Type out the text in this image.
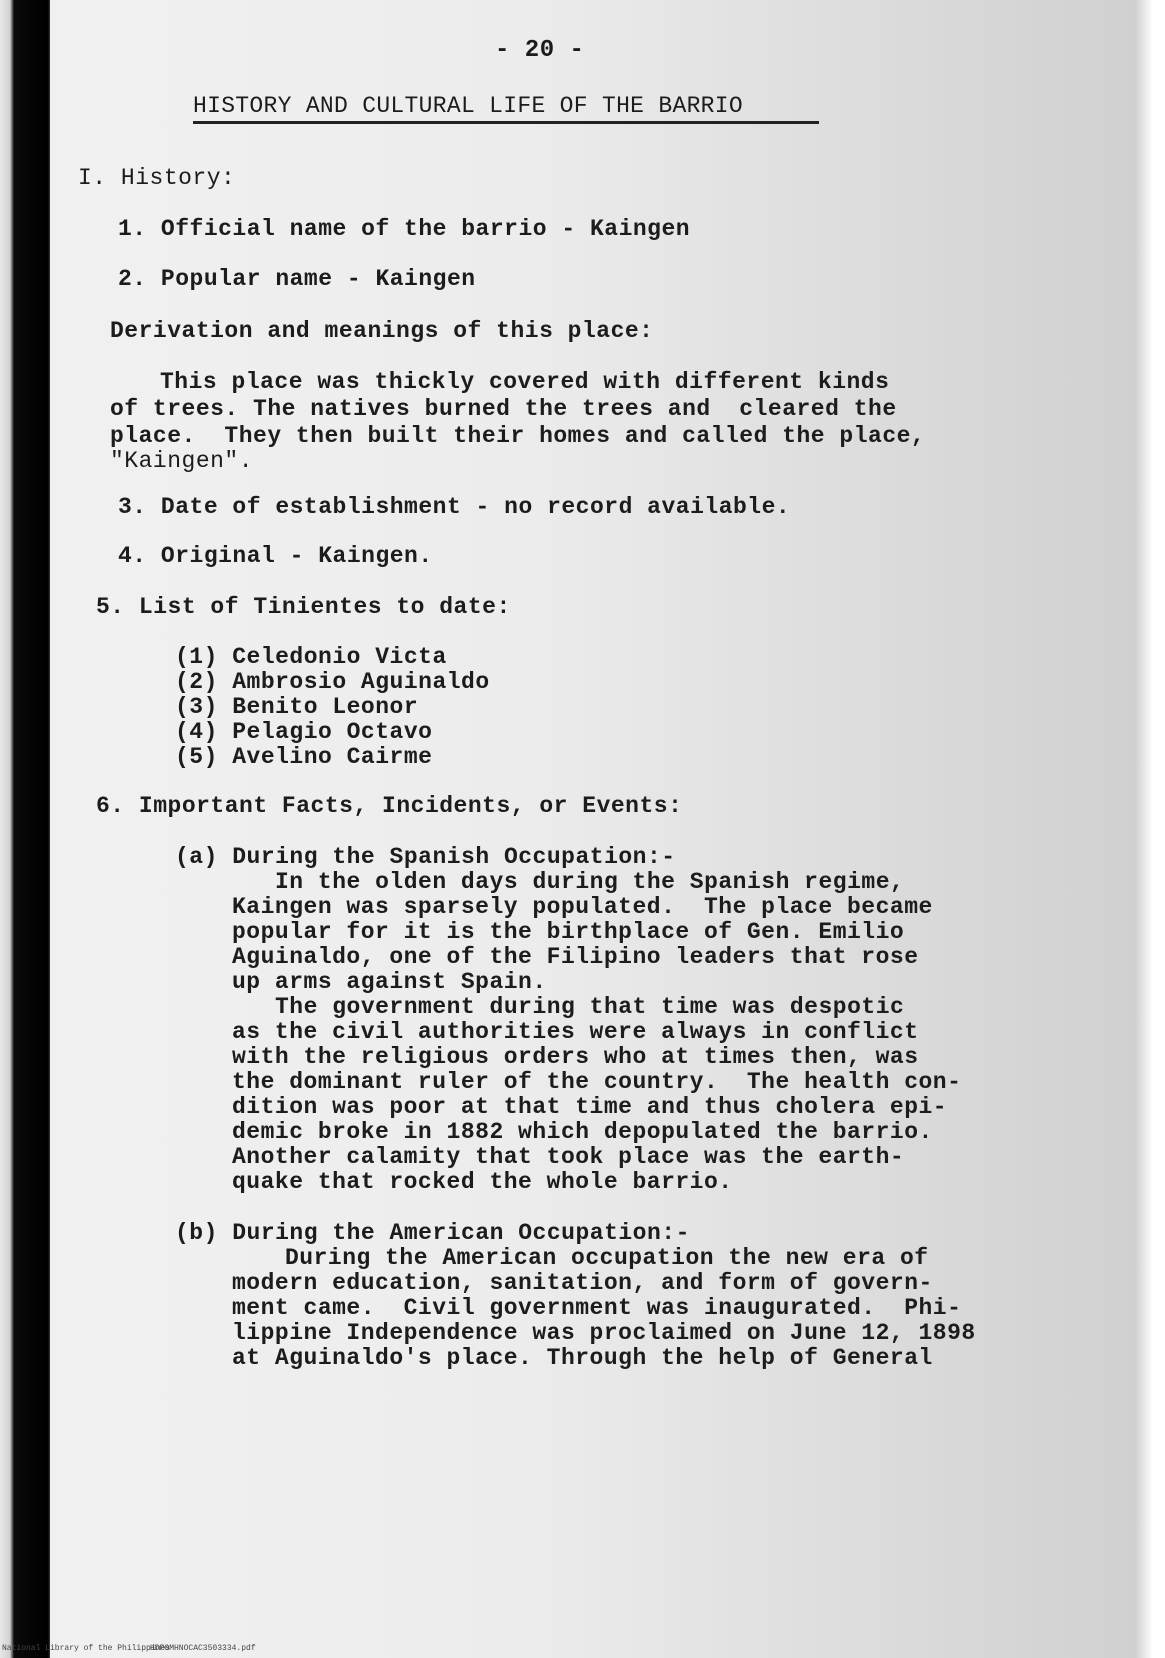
- 20 -
HISTORY AND CULTURAL LIFE OF THE BARRIO
I. History:
1. Official name of the barrio - Kaingen
2. Popular name - Kaingen
Derivation and meanings of this place:
This place was thickly covered with different kinds
of trees. The natives burned the trees and  cleared the
place.  They then built their homes and called the place,
"Kaingen".
3. Date of establishment - no record available.
4. Original - Kaingen.
5. List of Tinientes to date:
(1) Celedonio Victa
(2) Ambrosio Aguinaldo
(3) Benito Leonor
(4) Pelagio Octavo
(5) Avelino Cairme
6. Important Facts, Incidents, or Events:
(a) During the Spanish Occupation:-
In the olden days during the Spanish regime,
Kaingen was sparsely populated.  The place became
popular for it is the birthplace of Gen. Emilio
Aguinaldo, one of the Filipino leaders that rose
up arms against Spain.
The government during that time was despotic
as the civil authorities were always in conflict
with the religious orders who at times then, was
the dominant ruler of the country.  The health con-
dition was poor at that time and thus cholera epi-
demic broke in 1882 which depopulated the barrio.
Another calamity that took place was the earth-
quake that rocked the whole barrio.
(b) During the American Occupation:-
During the American occupation the new era of
modern education, sanitation, and form of govern-
ment came.  Civil government was inaugurated.  Phi-
lippine Independence was proclaimed on June 12, 1898
at Aguinaldo's place. Through the help of General
National Library of the Philippines
HDPOMHNOCAC3503334.pdf
